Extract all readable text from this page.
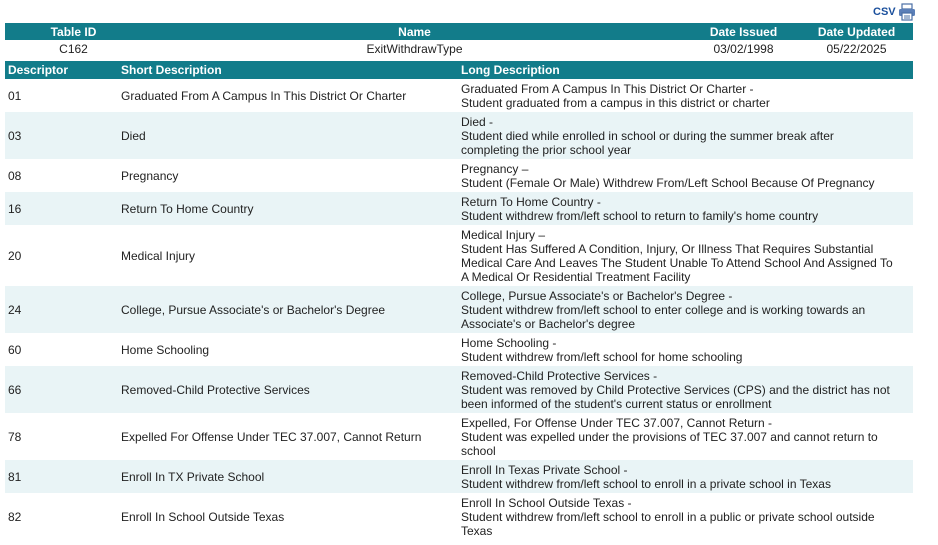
CSV
Table ID	Name	Date Issued	Date Updated
C162	ExitWithdrawType	03/02/1998	05/22/2025
Descriptor	Short Description	Long Description
01	Graduated From A Campus In This District Or Charter	Graduated From A Campus In This District Or Charter -
Student graduated from a campus in this district or charter
03	Died	Died -
Student died while enrolled in school or during the summer break after
completing the prior school year
08	Pregnancy	Pregnancy –
Student (Female Or Male) Withdrew From/Left School Because Of Pregnancy
16	Return To Home Country	Return To Home Country -
Student withdrew from/left school to return to family's home country
20	Medical Injury	Medical Injury –
Student Has Suffered A Condition, Injury, Or Illness That Requires Substantial
Medical Care And Leaves The Student Unable To Attend School And Assigned To
A Medical Or Residential Treatment Facility
24	College, Pursue Associate's or Bachelor's Degree	College, Pursue Associate's or Bachelor's Degree -
Student withdrew from/left school to enter college and is working towards an
Associate's or Bachelor's degree
60	Home Schooling	Home Schooling -
Student withdrew from/left school for home schooling
66	Removed-Child Protective Services	Removed-Child Protective Services -
Student was removed by Child Protective Services (CPS) and the district has not
been informed of the student's current status or enrollment
78	Expelled For Offense Under TEC 37.007, Cannot Return	Expelled, For Offense Under TEC 37.007, Cannot Return -
Student was expelled under the provisions of TEC 37.007 and cannot return to
school
81	Enroll In TX Private School	Enroll In Texas Private School -
Student withdrew from/left school to enroll in a private school in Texas
82	Enroll In School Outside Texas	Enroll In School Outside Texas -
Student withdrew from/left school to enroll in a public or private school outside
Texas
